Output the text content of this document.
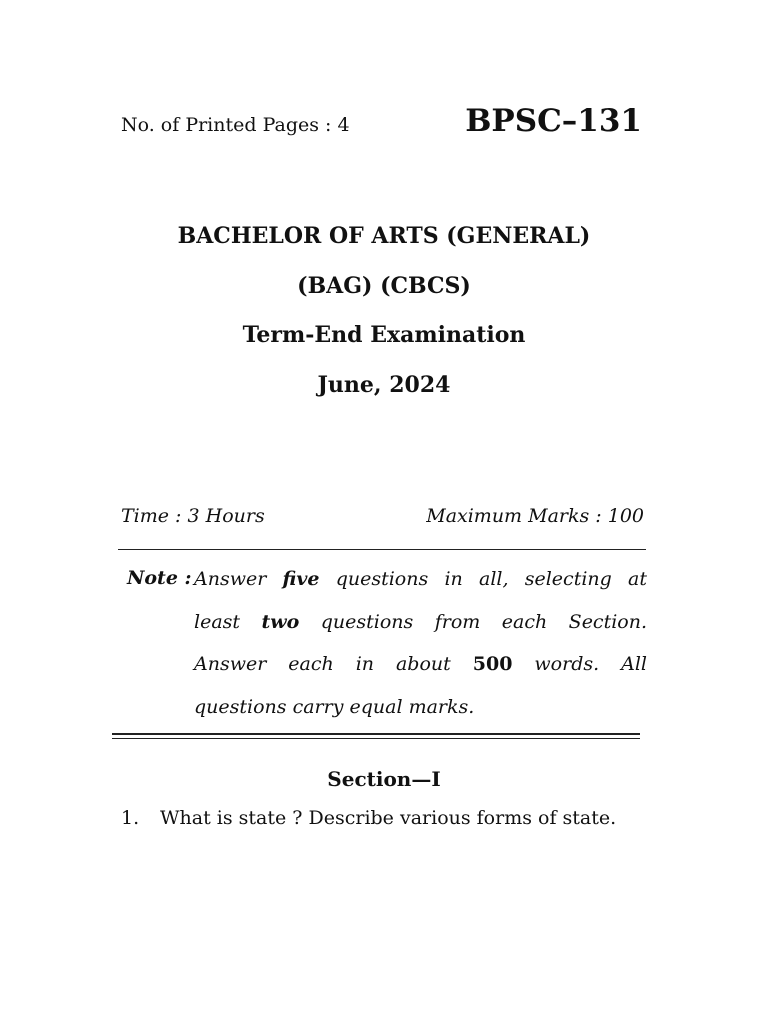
No. of Printed Pages : 4	BPSC–131
BACHELOR OF ARTS (GENERAL)
(BAG) (CBCS)
Term-End Examination
June, 2024
Time : 3 Hours	Maximum Marks : 100
Note : Answer five questions in all, selecting at
least two questions from each Section.
Answer each in about 500 words. All
questions carry equal marks.
Section—I
1. What is state ? Describe various forms of state.
